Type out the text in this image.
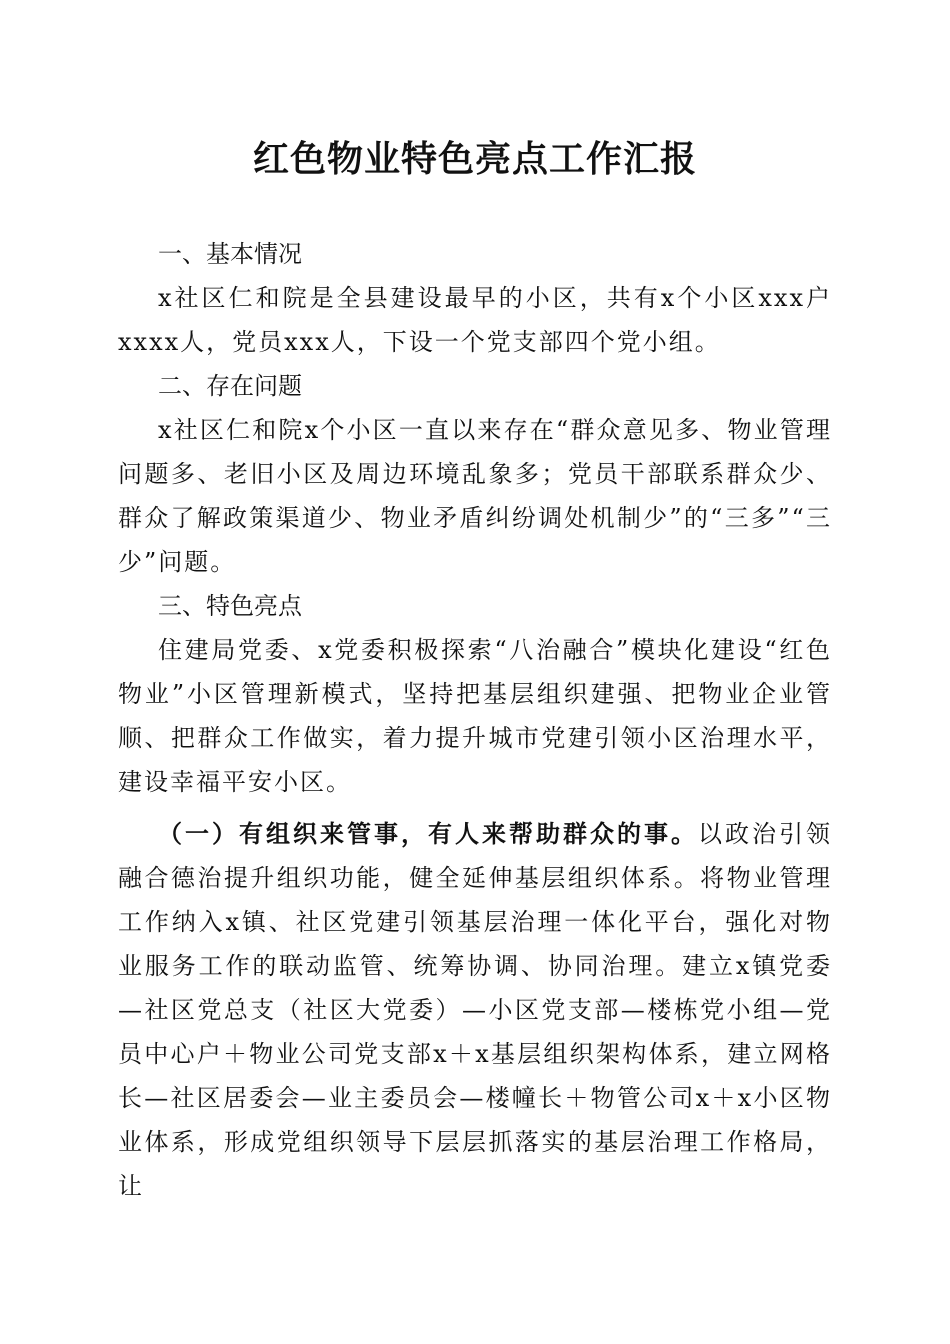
红色物业特色亮点工作汇报
一、基本情况

x社区仁和院是全县建设最早的小区，共有x个小区xxx户xxxx人，党员xxx人，下设一个党支部四个党小组。

二、存在问题

x社区仁和院x个小区一直以来存在“群众意见多、物业管理问题多、老旧小区及周边环境乱象多；党员干部联系群众少、群众了解政策渠道少、物业矛盾纠纷调处机制少”的“三多”“三少”问题。

三、特色亮点

住建局党委、x党委积极探索“八治融合”模块化建设“红色物业”小区管理新模式，坚持把基层组织建强、把物业企业管顺、把群众工作做实，着力提升城市党建引领小区治理水平，建设幸福平安小区。

（一）有组织来管事，有人来帮助群众的事。以政治引领融合德治提升组织功能，健全延伸基层组织体系。将物业管理工作纳入x镇、社区党建引领基层治理一体化平台，强化对物业服务工作的联动监管、统筹协调、协同治理。建立x镇党委—社区党总支（社区大党委）—小区党支部—楼栋党小组—党员中心户＋物业公司党支部x＋x基层组织架构体系，建立网格长—社区居委会—业主委员会—楼幢长＋物管公司x＋x小区物业体系，形成党组织领导下层层抓落实的基层治理工作格局，让
